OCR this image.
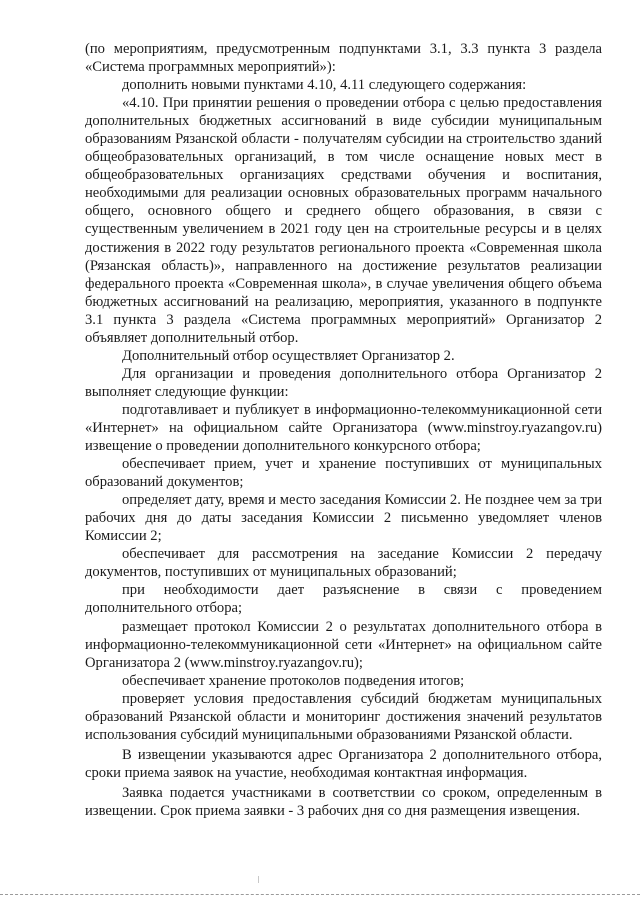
(по мероприятиям, предусмотренным подпунктами 3.1, 3.3 пункта 3 раздела «Система программных мероприятий»):

дополнить новыми пунктами 4.10, 4.11 следующего содержания:

«4.10. При принятии решения о проведении отбора с целью предоставления дополнительных бюджетных ассигнований в виде субсидии муниципальным образованиям Рязанской области - получателям субсидии на строительство зданий общеобразовательных организаций, в том числе оснащение новых мест в общеобразовательных организациях средствами обучения и воспитания, необходимыми для реализации основных образовательных программ начального общего, основного общего и среднего общего образования, в связи с существенным увеличением в 2021 году цен на строительные ресурсы и в целях достижения в 2022 году результатов регионального проекта «Современная школа (Рязанская область)», направленного на достижение результатов реализации федерального проекта «Современная школа», в случае увеличения общего объема бюджетных ассигнований на реализацию, мероприятия, указанного в подпункте 3.1 пункта 3 раздела «Система программных мероприятий» Организатор 2 объявляет дополнительный отбор.

Дополнительный отбор осуществляет Организатор 2.

Для организации и проведения дополнительного отбора Организатор 2 выполняет следующие функции:

подготавливает и публикует в информационно-телекоммуникационной сети «Интернет» на официальном сайте Организатора (www.minstroy.ryazangov.ru) извещение о проведении дополнительного конкурсного отбора;

обеспечивает прием, учет и хранение поступивших от муниципальных образований документов;

определяет дату, время и место заседания Комиссии 2. Не позднее чем за три рабочих дня до даты заседания Комиссии 2 письменно уведомляет членов Комиссии 2;

обеспечивает для рассмотрения на заседание Комиссии 2 передачу документов, поступивших от муниципальных образований;

при необходимости дает разъяснение в связи с проведением дополнительного отбора;

размещает протокол Комиссии 2 о результатах дополнительного отбора в информационно-телекоммуникационной сети «Интернет» на официальном сайте Организатора 2 (www.minstroy.ryazangov.ru);

обеспечивает хранение протоколов подведения итогов;

проверяет условия предоставления субсидий бюджетам муниципальных образований Рязанской области и мониторинг достижения значений результатов использования субсидий муниципальными образованиями Рязанской области.

В извещении указываются адрес Организатора 2 дополнительного отбора, сроки приема заявок на участие, необходимая контактная информация.

Заявка подается участниками в соответствии со сроком, определенным в извещении. Срок приема заявки - 3 рабочих дня со дня размещения извещения.
